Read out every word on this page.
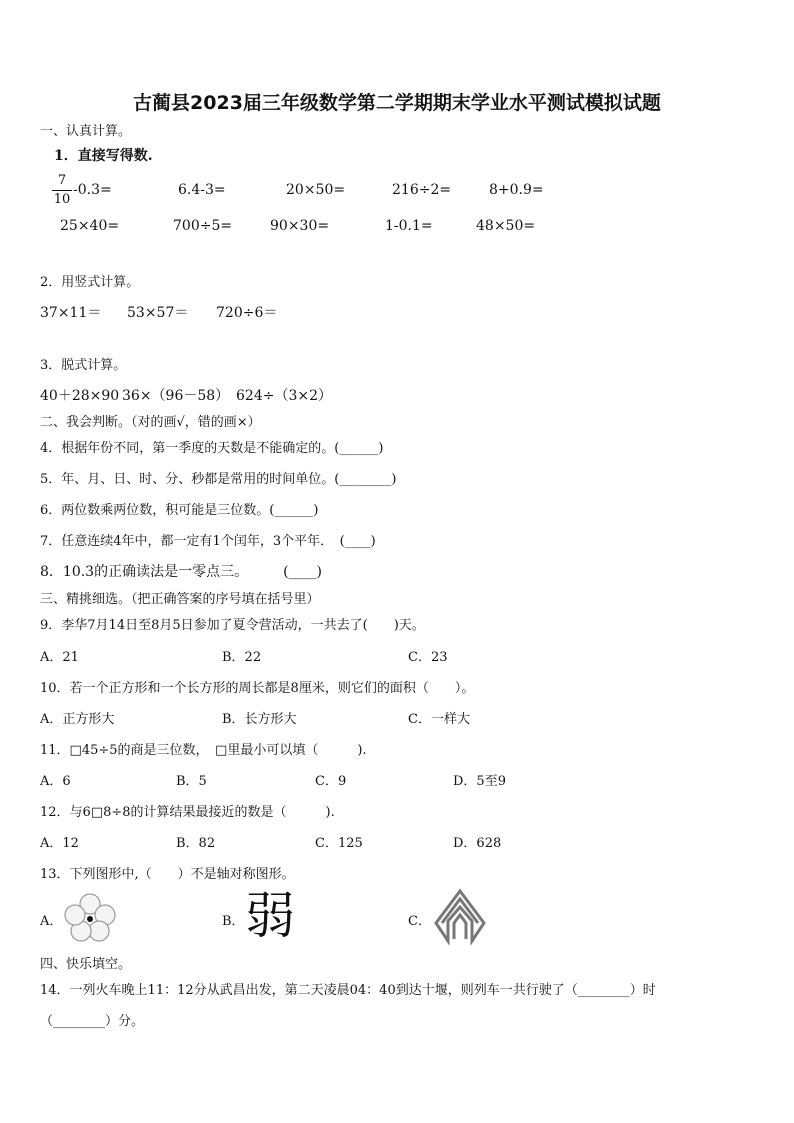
古蔺县2023届三年级数学第二学期期末学业水平测试模拟试题
一、认真计算。
1．直接写得数.
7
10
-0.3=	6.4-3=	20×50=	216÷2=	8+0.9=
25×40=	700÷5=	90×30=	1-0.1=	48×50=
2．用竖式计算。
37×11＝ 53×57＝ 720÷6＝
3．脱式计算。
40＋28×90 36×（96－58） 624÷（3×2）
二、我会判断。（对的画√，错的画×）
4．根据年份不同，第一季度的天数是不能确定的。(______)
5．年、月、日、时、分、秒都是常用的时间单位。(________)
6．两位数乘两位数，积可能是三位数。(______)
7．任意连续4年中，都一定有1个闰年，3个平年．　(____)
8．10.3的正确读法是一零点三。　　　(____)
三、精挑细选。（把正确答案的序号填在括号里）
9．李华7月14日至8月5日参加了夏令营活动，一共去了(　　)天。
A．21	B．22	C．23
10．若一个正方形和一个长方形的周长都是8厘米，则它们的面积（　　）。
A．正方形大	B．长方形大	C．一样大
11．□45÷5的商是三位数，　□里最小可以填（　　　).
A．6	B．5	C．9	D．5至9
12．与6□8÷8的计算结果最接近的数是（　　　).
A．12	B．82	C．125	D．628
13．下列图形中,（　　）不是轴对称图形。
A．	B． 弱	C．
四、快乐填空。
14．一列火车晚上11：12分从武昌出发，第二天凌晨04：40到达十堰，则列车一共行驶了（________）时
（________）分。
